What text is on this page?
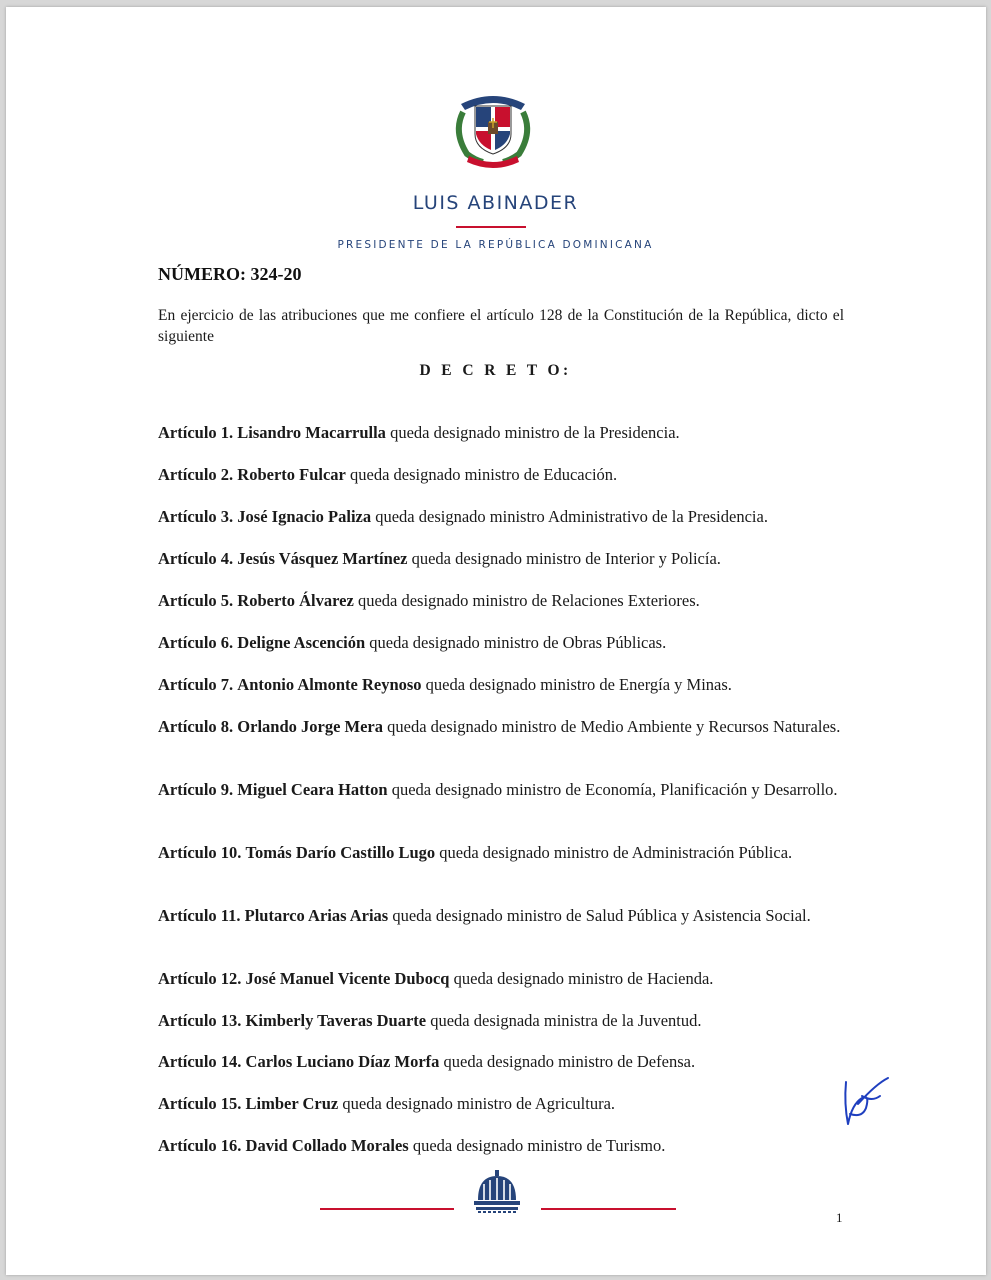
LUIS ABINADER
PRESIDENTE DE LA REPÚBLICA DOMINICANA
NÚMERO: 324-20
En ejercicio de las atribuciones que me confiere el artículo 128 de la Constitución de la República, dicto el siguiente
D E C R E T O:
Artículo 1. Lisandro Macarrulla queda designado ministro de la Presidencia.
Artículo 2. Roberto Fulcar queda designado ministro de Educación.
Artículo 3. José Ignacio Paliza queda designado ministro Administrativo de la Presidencia.
Artículo 4. Jesús Vásquez Martínez queda designado ministro de Interior y Policía.
Artículo 5. Roberto Álvarez queda designado ministro de Relaciones Exteriores.
Artículo 6. Deligne Ascención queda designado ministro de Obras Públicas.
Artículo 7. Antonio Almonte Reynoso queda designado ministro de Energía y Minas.
Artículo 8. Orlando Jorge Mera queda designado ministro de Medio Ambiente y Recursos Naturales.
Artículo 9. Miguel Ceara Hatton queda designado ministro de Economía, Planificación y Desarrollo.
Artículo 10. Tomás Darío Castillo Lugo queda designado ministro de Administración Pública.
Artículo 11. Plutarco Arias Arias queda designado ministro de Salud Pública y Asistencia Social.
Artículo 12. José Manuel Vicente Dubocq queda designado ministro de Hacienda.
Artículo 13. Kimberly Taveras Duarte queda designada ministra de la Juventud.
Artículo 14. Carlos Luciano Díaz Morfa queda designado ministro de Defensa.
Artículo 15. Limber Cruz queda designado ministro de Agricultura.
Artículo 16. David Collado Morales queda designado ministro de Turismo.
1
